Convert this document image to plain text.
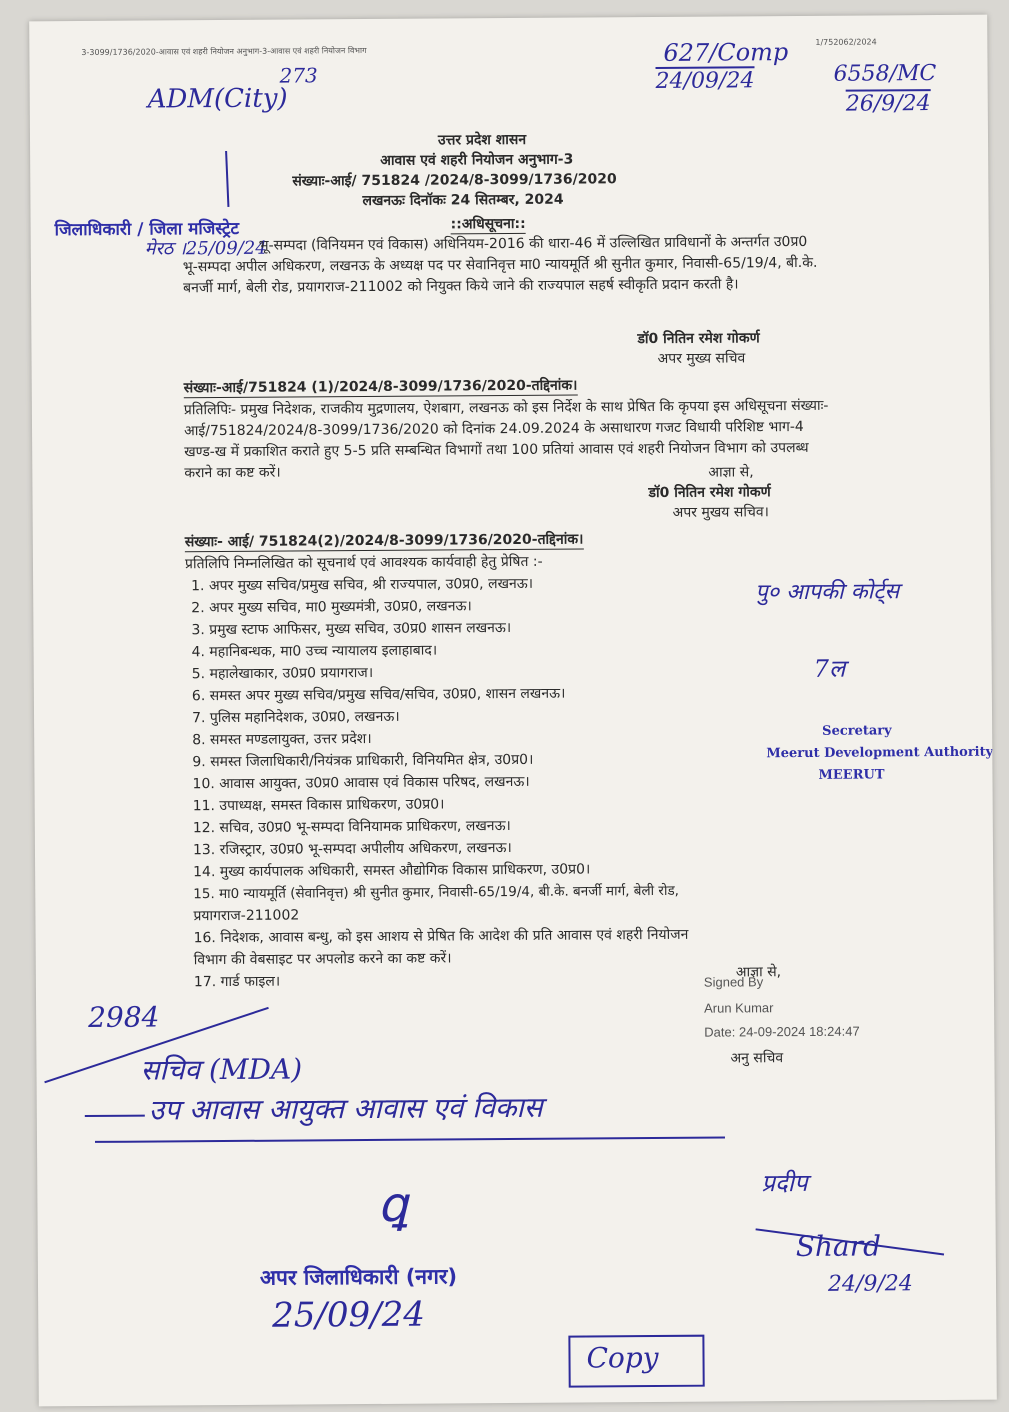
3-3099/1736/2020-आवास एवं शहरी नियोजन अनुभाग-3-आवास एवं शहरी नियोजन विभाग
1/752062/2024
ADM(City)
273
627/Comp
24/09/24	6558/MC
26/9/24
उत्तर प्रदेश शासन
आवास एवं शहरी नियोजन अनुभाग-3
संख्याः-आई/ 751824 /2024/8-3099/1736/2020
लखनऊः दिनॉकः 24 सितम्बर, 2024
::अधिसूचना::
जिलाधिकारी / जिला मजिस्ट्रेट
मेरठ ।25/09/24
भू-सम्पदा (विनियमन एवं विकास) अधिनियम-2016 की धारा-46 में उल्लिखित प्राविधानों के अन्तर्गत उ0प्र0 भू-सम्पदा अपील अधिकरण, लखनऊ के अध्यक्ष पद पर सेवानिवृत्त मा0 न्यायमूर्ति श्री सुनीत कुमार, निवासी-65/19/4, बी.के. बनर्जी मार्ग, बेली रोड, प्रयागराज-211002 को नियुक्त किये जाने की राज्यपाल सहर्ष स्वीकृति प्रदान करती है।
डॉ0 नितिन रमेश गोकर्ण
अपर मुख्य सचिव
संख्याः-आई/751824 (1)/2024/8-3099/1736/2020-तद्दिनांक।
प्रतिलिपिः- प्रमुख निदेशक, राजकीय मुद्रणालय, ऐशबाग, लखनऊ को इस निर्देश के साथ प्रेषित कि कृपया इस अधिसूचना संख्याः-आई/751824/2024/8-3099/1736/2020 को दिनांक 24.09.2024 के असाधारण गजट विधायी परिशिष्ट भाग-4 खण्ड-ख में प्रकाशित कराते हुए 5-5 प्रति सम्बन्धित विभागों तथा 100 प्रतियां आवास एवं शहरी नियोजन विभाग को उपलब्ध कराने का कष्ट करें।	आज्ञा से,
डॉ0 नितिन रमेश गोकर्ण
अपर मुखय सचिव।
संख्याः- आई/ 751824(2)/2024/8-3099/1736/2020-तद्दिनांक।
प्रतिलिपि निम्नलिखित को सूचनार्थ एवं आवश्यक कार्यवाही हेतु प्रेषित :-
1. अपर मुख्य सचिव/प्रमुख सचिव, श्री राज्यपाल, उ0प्र0, लखनऊ।
2. अपर मुख्य सचिव, मा0 मुख्यमंत्री, उ0प्र0, लखनऊ।
3. प्रमुख स्टाफ आफिसर, मुख्य सचिव, उ0प्र0 शासन लखनऊ।
4. महानिबन्धक, मा0 उच्च न्यायालय इलाहाबाद।
5. महालेखाकार, उ0प्र0 प्रयागराज।
6. समस्त अपर मुख्य सचिव/प्रमुख सचिव/सचिव, उ0प्र0, शासन लखनऊ।
7. पुलिस महानिदेशक, उ0प्र0, लखनऊ।
8. समस्त मण्डलायुक्त, उत्तर प्रदेश।
9. समस्त जिलाधिकारी/नियंत्रक प्राधिकारी, विनियमित क्षेत्र, उ0प्र0।
10. आवास आयुक्त, उ0प्र0 आवास एवं विकास परिषद, लखनऊ।
11. उपाध्यक्ष, समस्त विकास प्राधिकरण, उ0प्र0।
12. सचिव, उ0प्र0 भू-सम्पदा विनियामक प्राधिकरण, लखनऊ।
13. रजिस्ट्रार, उ0प्र0 भू-सम्पदा अपीलीय अधिकरण, लखनऊ।
14. मुख्य कार्यपालक अधिकारी, समस्त औद्योगिक विकास प्राधिकरण, उ0प्र0।
15. मा0 न्यायमूर्ति (सेवानिवृत्त) श्री सुनीत कुमार, निवासी-65/19/4, बी.के. बनर्जी मार्ग, बेली रोड,
प्रयागराज-211002
16. निदेशक, आवास बन्धु, को इस आशय से प्रेषित कि आदेश की प्रति आवास एवं शहरी नियोजन
विभाग की वेबसाइट पर अपलोड करने का कष्ट करें।
17. गार्ड फाइल।
आज्ञा से,
Signed By
Arun Kumar
Date: 24-09-2024 18:24:47
अनु सचिव
Secretary
Meerut Development Authority
MEERUT
पु० आपकी कोर्ट्स
7ल
2984
सचिव (MDA)
उप आवास आयुक्त आवास एवं विकास
ꝗ	प्रदीप
Shard
24/9/24
अपर जिलाधिकारी (नगर)
25/09/24
Copy
